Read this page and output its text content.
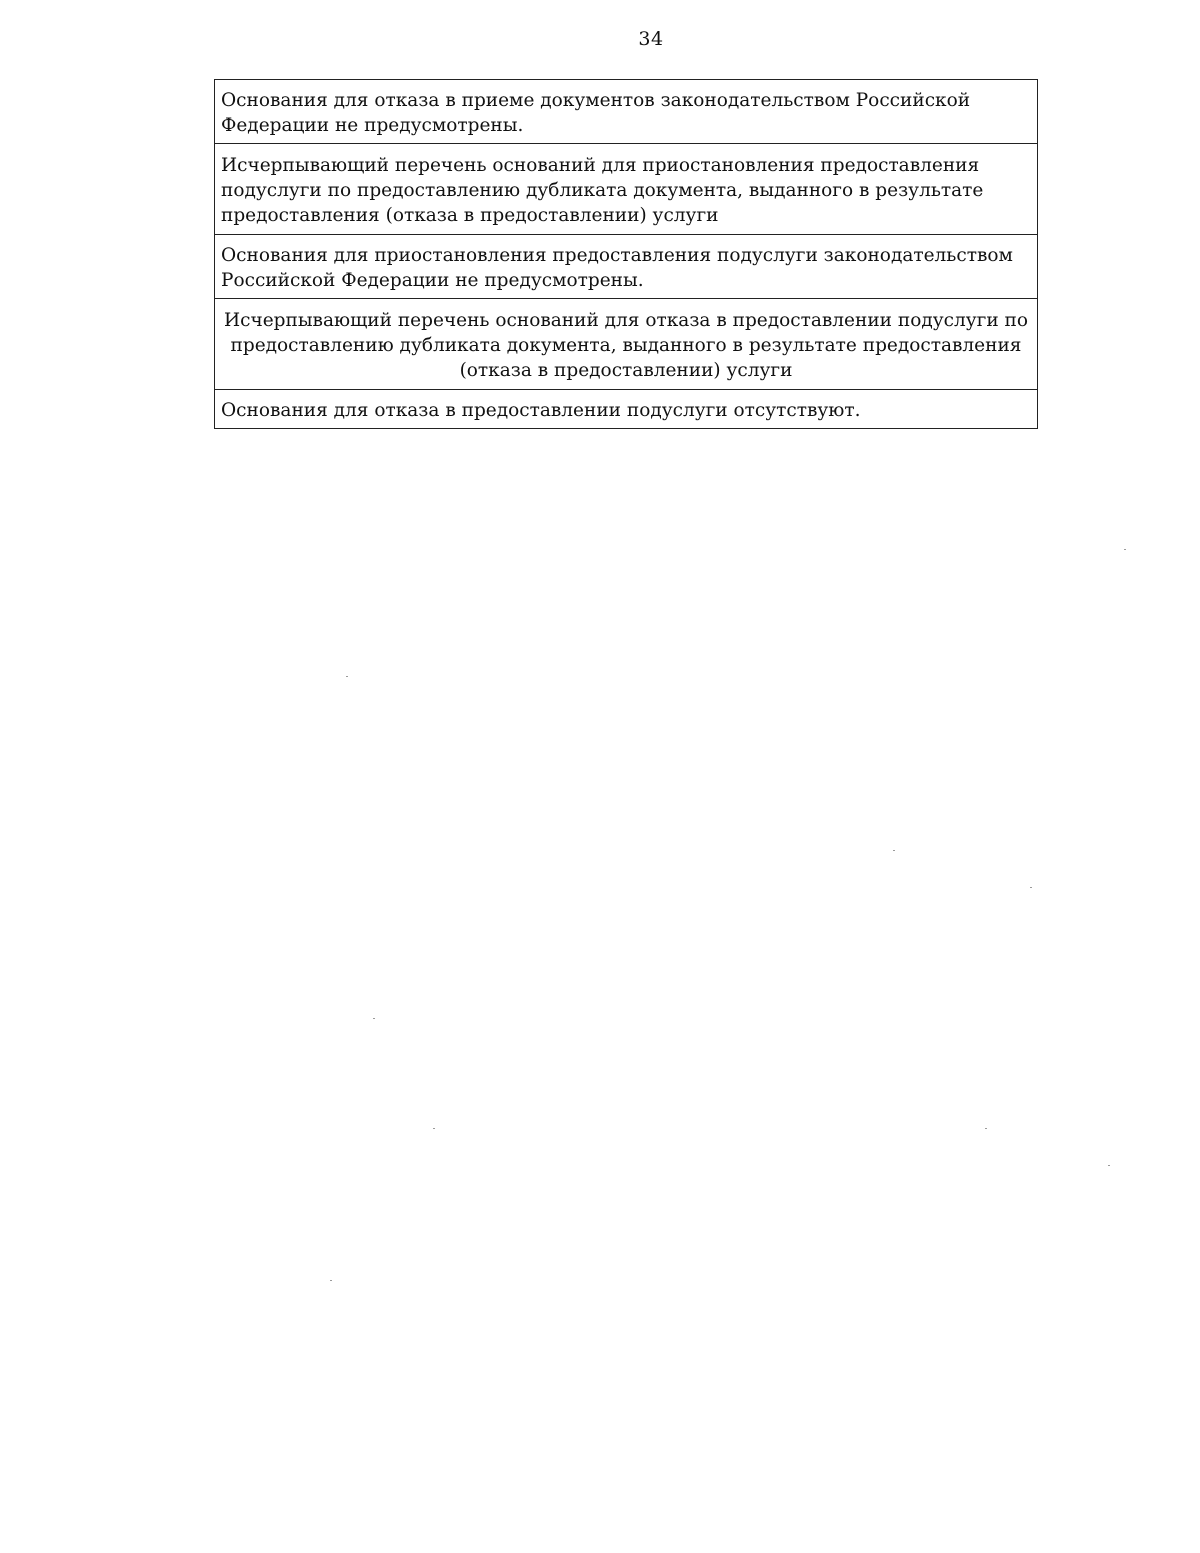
34
Основания для отказа в приеме документов законодательством Российской Федерации не предусмотрены.
Исчерпывающий перечень оснований для приостановления предоставления подуслуги по предоставлению дубликата документа, выданного в результате предоставления (отказа в предоставлении) услуги
Основания для приостановления предоставления подуслуги законодательством Российской Федерации не предусмотрены.
Исчерпывающий перечень оснований для отказа в предоставлении подуслуги по предоставлению дубликата документа, выданного в результате предоставления (отказа в предоставлении) услуги
Основания для отказа в предоставлении подуслуги отсутствуют.
